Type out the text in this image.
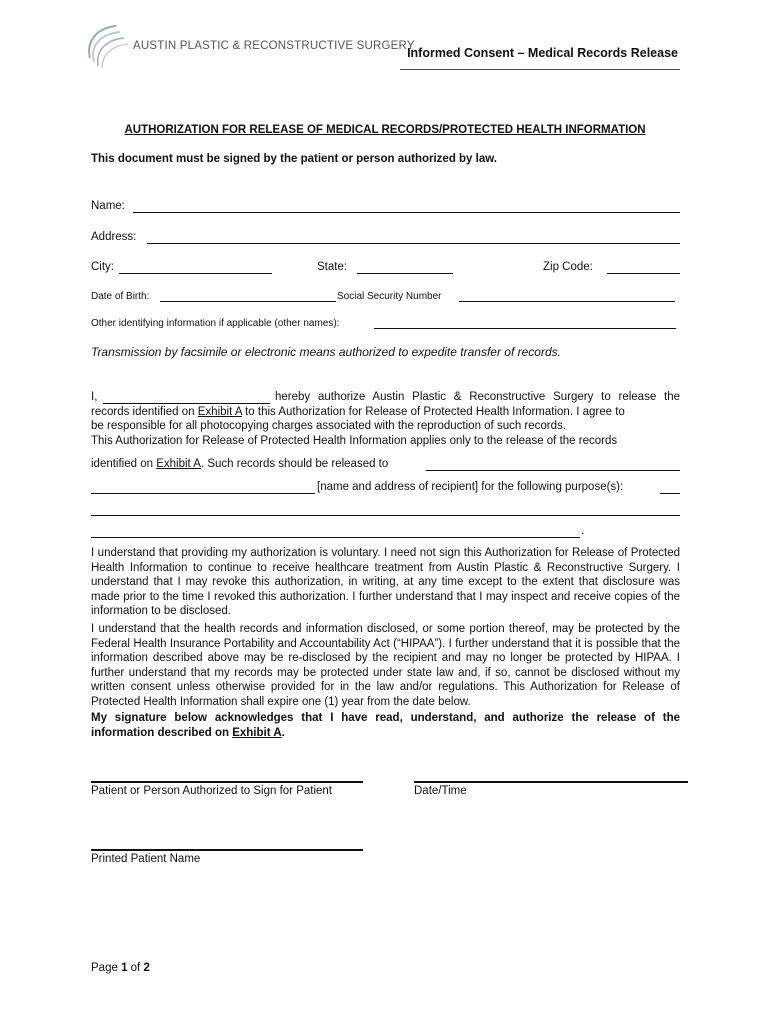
AUSTIN PLASTIC & RECONSTRUCTIVE SURGERY
Informed Consent – Medical Records Release
AUTHORIZATION FOR RELEASE OF MEDICAL RECORDS/PROTECTED HEALTH INFORMATION
This document must be signed by the patient or person authorized by law.
Name:
Address:
City:	State:	Zip Code:
Date of Birth:	Social Security Number
Other identifying information if applicable (other names):
Transmission by facsimile or electronic means authorized to expedite transfer of records.
I,	hereby authorize Austin Plastic & Reconstructive Surgery to release the
records identified on Exhibit A to this Authorization for Release of Protected Health Information. I agree to
be responsible for all photocopying charges associated with the reproduction of such records.
This Authorization for Release of Protected Health Information applies only to the release of the records
identified on Exhibit A. Such records should be released to
[name and address of recipient] for the following purpose(s):
.
I understand that providing my authorization is voluntary. I need not sign this Authorization for Release of Protected Health Information to continue to receive healthcare treatment from Austin Plastic & Reconstructive Surgery. I understand that I may revoke this authorization, in writing, at any time except to the extent that disclosure was made prior to the time I revoked this authorization. I further understand that I may inspect and receive copies of the information to be disclosed.
I understand that the health records and information disclosed, or some portion thereof, may be protected by the Federal Health Insurance Portability and Accountability Act (“HIPAA”). I further understand that it is possible that the information described above may be re-disclosed by the recipient and may no longer be protected by HIPAA. I further understand that my records may be protected under state law and, if so, cannot be disclosed without my written consent unless otherwise provided for in the law and/or regulations. This Authorization for Release of Protected Health Information shall expire one (1) year from the date below.
My signature below acknowledges that I have read, understand, and authorize the release of the information described on Exhibit A.
Patient or Person Authorized to Sign for Patient	Date/Time
Printed Patient Name
Page 1 of 2
